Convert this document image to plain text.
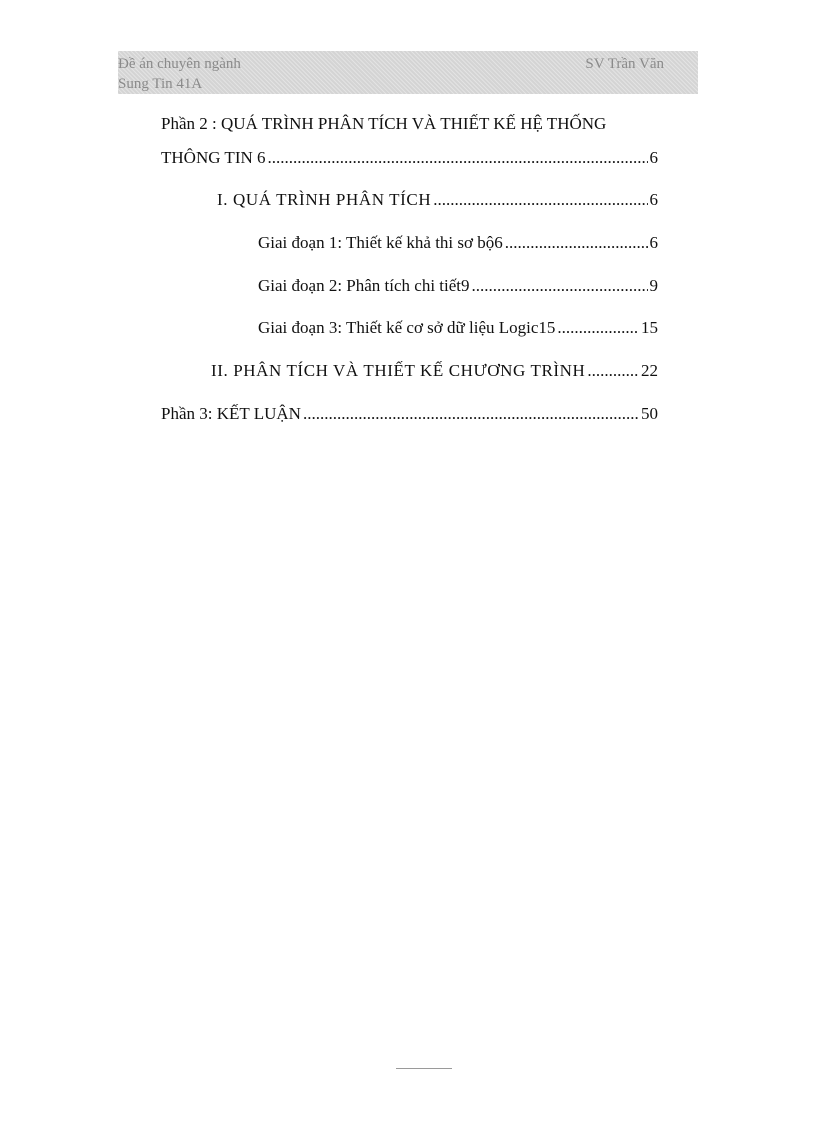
Đề án chuyên ngành
Sung Tin 41A
SV Trần Văn
Phần 2 : QUÁ TRÌNH PHÂN TÍCH VÀ THIẾT KẾ HỆ THỐNG
THÔNG TIN 6 .....	6
I. QUÁ TRÌNH PHÂN TÍCH .....	6
Giai đoạn 1: Thiết kế khả thi sơ bộ6 .....	6
Giai đoạn 2: Phân tích chi tiết9 .....	9
Giai đoạn 3: Thiết kế cơ sở dữ liệu Logic15 .....	15
II. PHÂN TÍCH VÀ THIẾT KẾ CHƯƠNG TRÌNH .....	22
Phần 3: KẾT LUẬN .....	50
